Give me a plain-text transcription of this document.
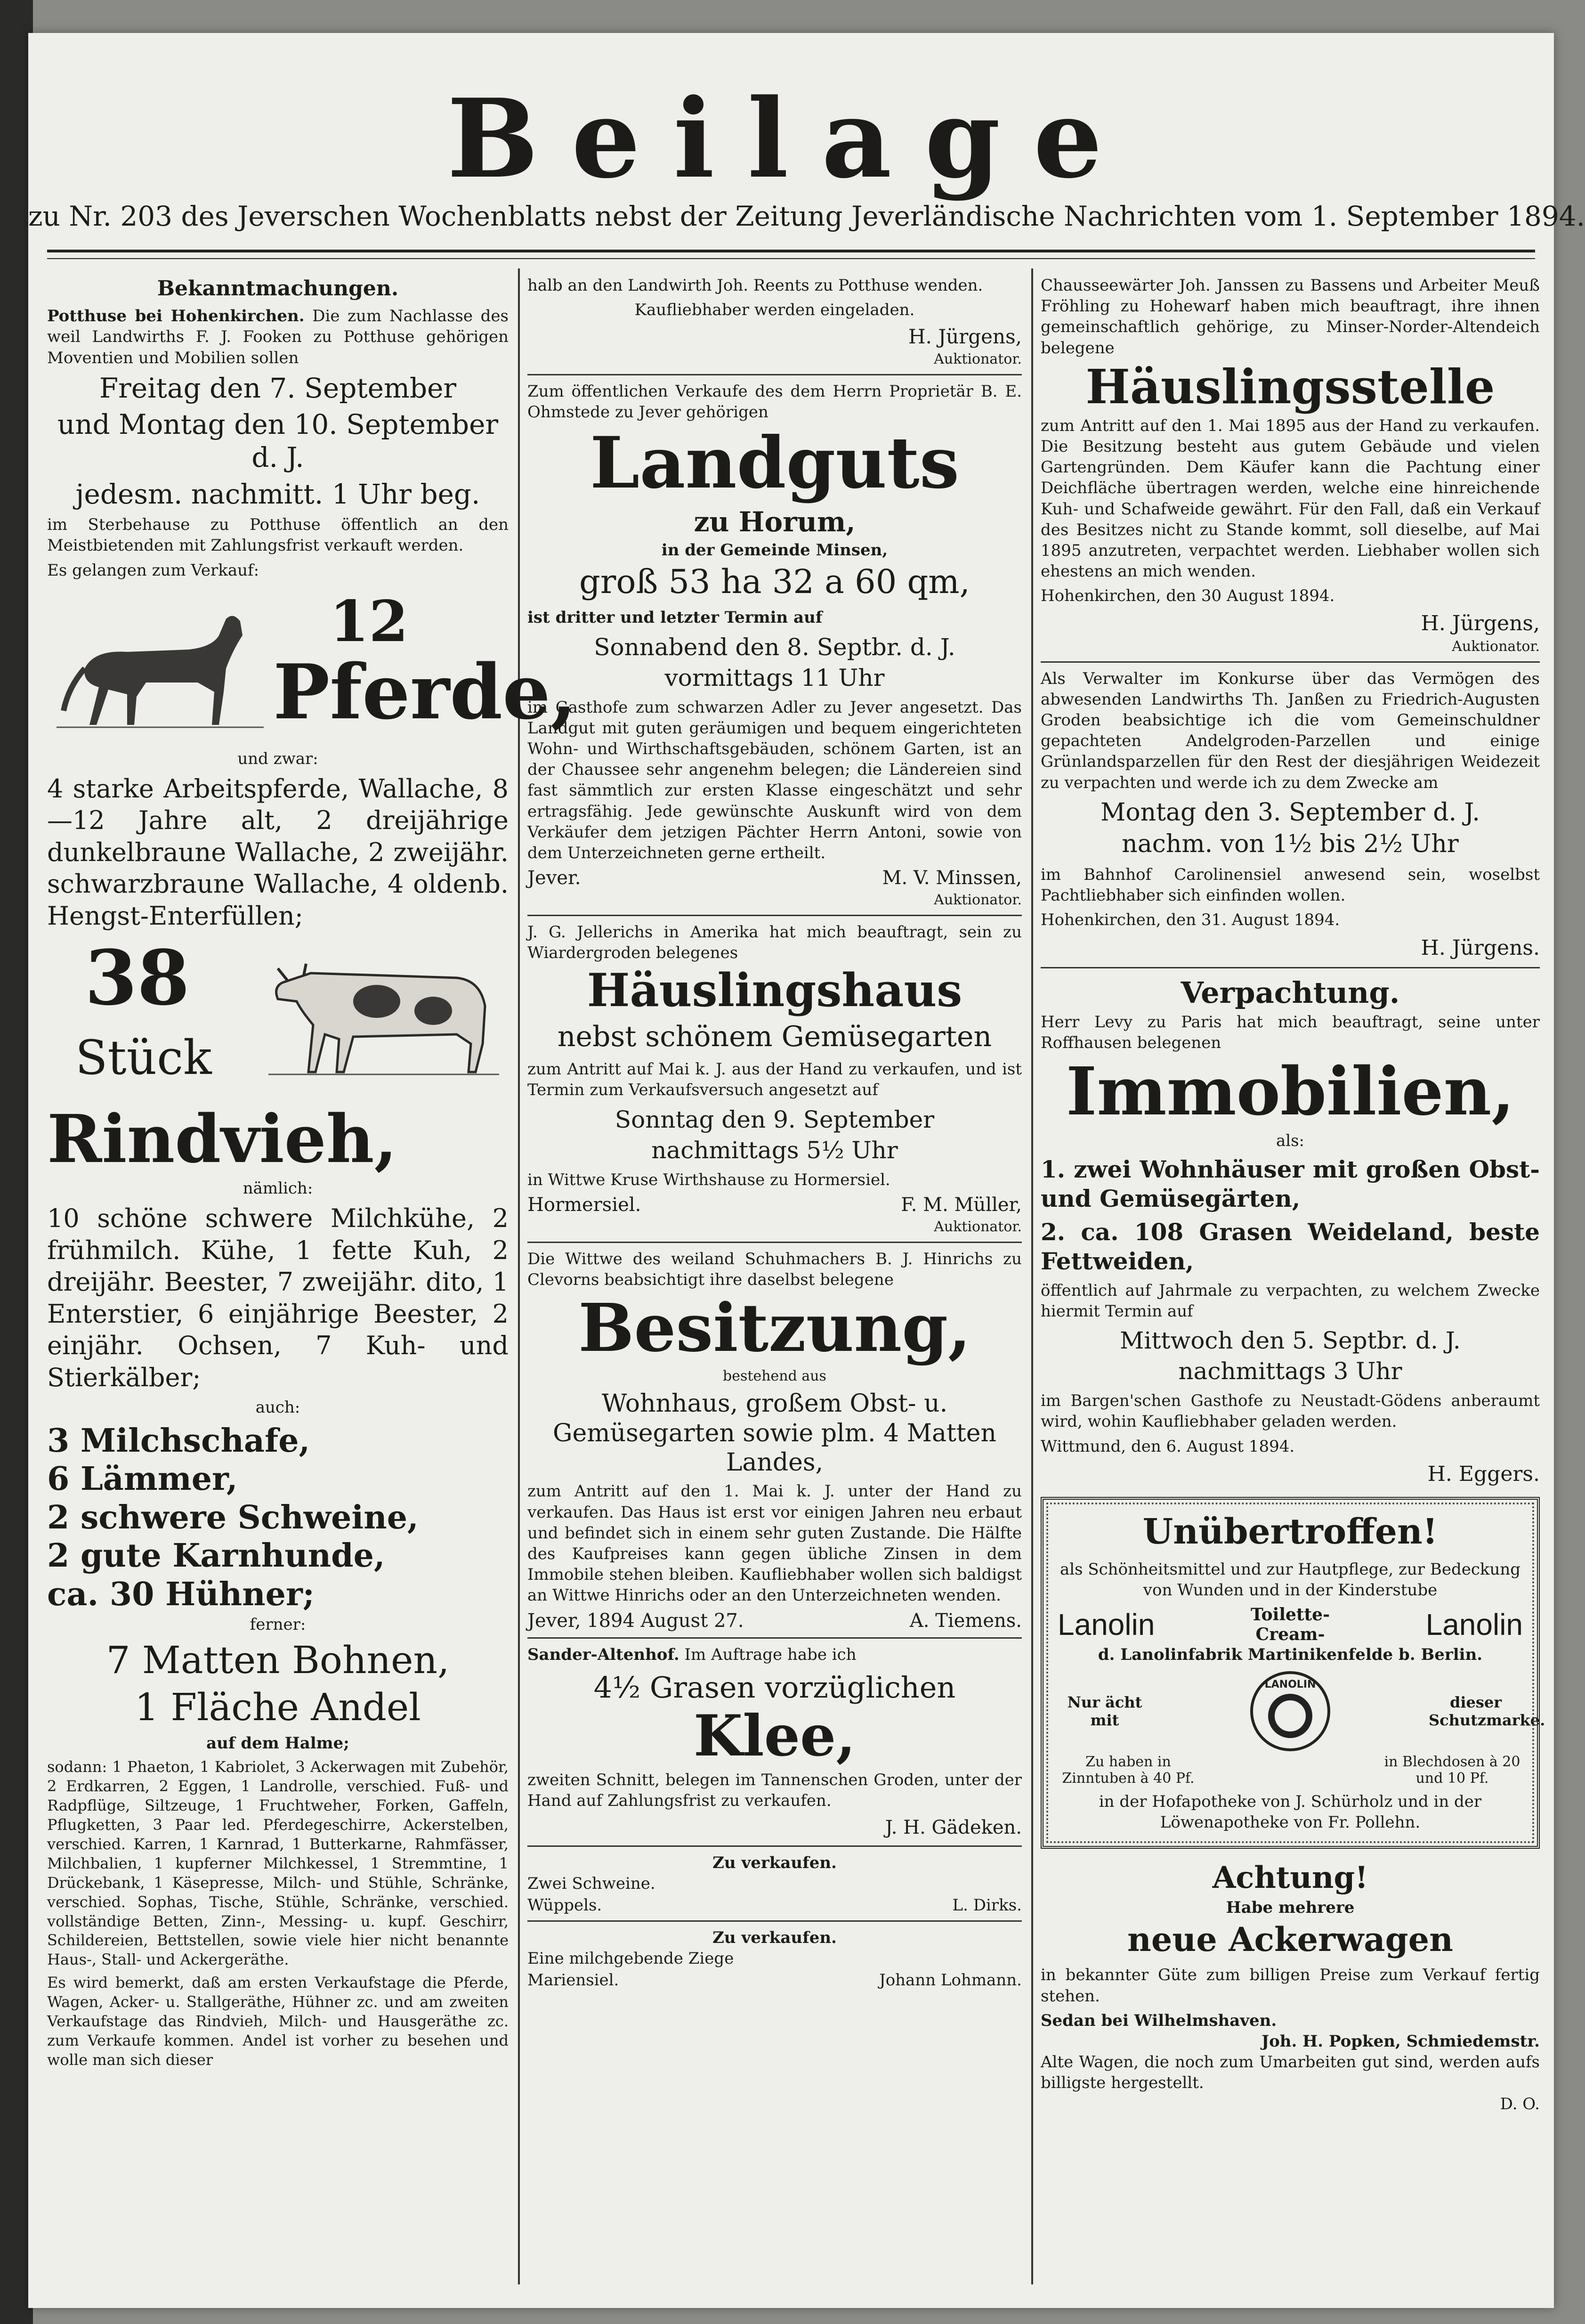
Beilage
zu Nr. 203 des Jeverschen Wochenblatts nebst der Zeitung Jeverländische Nachrichten vom 1. September 1894.

Bekanntmachungen.

Potthuse bei Hohenkirchen. Die zum Nachlasse des weil Landwirths F. J. Fooken zu Potthuse gehörigen Moventien und Mobilien sollen

Freitag den 7. September

und Montag den 10. September d. J.

jedesm. nachmitt. 1 Uhr beg.

im Sterbehause zu Potthuse öffentlich an den Meistbietenden mit Zahlungsfrist verkauft werden.

Es gelangen zum Verkauf:

12
Pferde,

und zwar:

4 starke Arbeitspferde, Wallache, 8—12 Jahre alt, 2 dreijährige dunkelbraune Wallache, 2 zweijähr. schwarzbraune Wallache, 4 oldenb. Hengst-Enterfüllen;

38
Stück

Rindvieh,

nämlich:

10 schöne schwere Milchkühe, 2 frühmilch. Kühe, 1 fette Kuh, 2 dreijähr. Beester, 7 zweijähr. dito, 1 Enterstier, 6 einjährige Beester, 2 einjähr. Ochsen, 7 Kuh- und Stierkälber;

auch:

3 Milchschafe,

6 Lämmer,

2 schwere Schweine,

2 gute Karnhunde,

ca. 30 Hühner;

ferner:

7 Matten Bohnen,

1 Fläche Andel

auf dem Halme;

sodann: 1 Phaeton, 1 Kabriolet, 3 Ackerwagen mit Zubehör, 2 Erdkarren, 2 Eggen, 1 Landrolle, verschied. Fuß- und Radpflüge, Siltzeuge, 1 Fruchtweher, Forken, Gaffeln, Pflugketten, 3 Paar led. Pferdegeschirre, Ackerstelben, verschied. Karren, 1 Karnrad, 1 Butterkarne, Rahmfässer, Milchbalien, 1 kupferner Milchkessel, 1 Stremmtine, 1 Drückebank, 1 Käsepresse, Milch- und Stühle, Schränke, verschied. Sophas, Tische, Stühle, Schränke, verschied. vollständige Betten, Zinn-, Messing- u. kupf. Geschirr, Schildereien, Bettstellen, sowie viele hier nicht benannte Haus-, Stall- und Ackergeräthe.

Es wird bemerkt, daß am ersten Verkaufstage die Pferde, Wagen, Acker- u. Stallgeräthe, Hühner zc. und am zweiten Verkaufstage das Rindvieh, Milch- und Hausgeräthe zc. zum Verkaufe kommen. Andel ist vorher zu besehen und wolle man sich dieser

halb an den Landwirth Joh. Reents zu Potthuse wenden.

Kaufliebhaber werden eingeladen.

H. Jürgens,

Auktionator.

Zum öffentlichen Verkaufe des dem Herrn Proprietär B. E. Ohmstede zu Jever gehörigen

Landguts

zu Horum,

in der Gemeinde Minsen,

groß 53 ha 32 a 60 qm,

ist dritter und letzter Termin auf

Sonnabend den 8. Septbr. d. J.

vormittags 11 Uhr

im Gasthofe zum schwarzen Adler zu Jever angesetzt. Das Landgut mit guten geräumigen und bequem eingerichteten Wohn- und Wirthschaftsgebäuden, schönem Garten, ist an der Chaussee sehr angenehm belegen; die Ländereien sind fast sämmtlich zur ersten Klasse eingeschätzt und sehr ertragsfähig. Jede gewünschte Auskunft wird von dem Verkäufer dem jetzigen Pächter Herrn Antoni, sowie von dem Unterzeichneten gerne ertheilt.

Jever.	M. V. Minssen,

Auktionator.

J. G. Jellerichs in Amerika hat mich beauftragt, sein zu Wiardergroden belegenes

Häuslingshaus

nebst schönem Gemüsegarten

zum Antritt auf Mai k. J. aus der Hand zu verkaufen, und ist Termin zum Verkaufsversuch angesetzt auf

Sonntag den 9. September

nachmittags 5½ Uhr

in Wittwe Kruse Wirthshause zu Hormersiel.

Hormersiel.	F. M. Müller,

Auktionator.

Die Wittwe des weiland Schuhmachers B. J. Hinrichs zu Clevorns beabsichtigt ihre daselbst belegene

Besitzung,

bestehend aus

Wohnhaus, großem Obst- u. Gemüsegarten sowie plm. 4 Matten Landes,

zum Antritt auf den 1. Mai k. J. unter der Hand zu verkaufen. Das Haus ist erst vor einigen Jahren neu erbaut und befindet sich in einem sehr guten Zustande. Die Hälfte des Kaufpreises kann gegen übliche Zinsen in dem Immobile stehen bleiben. Kaufliebhaber wollen sich baldigst an Wittwe Hinrichs oder an den Unterzeichneten wenden.

Jever, 1894 August 27.	A. Tiemens.

Sander-Altenhof. Im Auftrage habe ich

4½ Grasen vorzüglichen

Klee,

zweiten Schnitt, belegen im Tannenschen Groden, unter der Hand auf Zahlungsfrist zu verkaufen.

J. H. Gädeken.

Zu verkaufen.

Zwei Schweine.

Wüppels.	L. Dirks.

Zu verkaufen.

Eine milchgebende Ziege

Mariensiel.	Johann Lohmann.

Chausseewärter Joh. Janssen zu Bassens und Arbeiter Meuß Fröhling zu Hohewarf haben mich beauftragt, ihre ihnen gemeinschaftlich gehörige, zu Minser-Norder-Altendeich belegene

Häuslingsstelle

zum Antritt auf den 1. Mai 1895 aus der Hand zu verkaufen. Die Besitzung besteht aus gutem Gebäude und vielen Gartengründen. Dem Käufer kann die Pachtung einer Deichfläche übertragen werden, welche eine hinreichende Kuh- und Schafweide gewährt. Für den Fall, daß ein Verkauf des Besitzes nicht zu Stande kommt, soll dieselbe, auf Mai 1895 anzutreten, verpachtet werden. Liebhaber wollen sich ehestens an mich wenden.

Hohenkirchen, den 30 August 1894.

H. Jürgens,

Auktionator.

Als Verwalter im Konkurse über das Vermögen des abwesenden Landwirths Th. Janßen zu Friedrich-Augusten Groden beabsichtige ich die vom Gemeinschuldner gepachteten Andelgroden-Parzellen und einige Grünlandsparzellen für den Rest der diesjährigen Weidezeit zu verpachten und werde ich zu dem Zwecke am

Montag den 3. September d. J.

nachm. von 1½ bis 2½ Uhr

im Bahnhof Carolinensiel anwesend sein, woselbst Pachtliebhaber sich einfinden wollen.

Hohenkirchen, den 31. August 1894.

H. Jürgens.

Verpachtung.

Herr Levy zu Paris hat mich beauftragt, seine unter Roffhausen belegenen

Immobilien,

als:

1. zwei Wohnhäuser mit großen Obst- und Gemüsegärten,

2. ca. 108 Grasen Weideland, beste Fettweiden,

öffentlich auf Jahrmale zu verpachten, zu welchem Zwecke hiermit Termin auf

Mittwoch den 5. Septbr. d. J.

nachmittags 3 Uhr

im Bargen'schen Gasthofe zu Neustadt-Gödens anberaumt wird, wohin Kaufliebhaber geladen werden.

Wittmund, den 6. August 1894.

H. Eggers.

Unübertroffen!

als Schönheitsmittel und zur Hautpflege, zur Bedeckung von Wunden und in der Kinderstube

Lanolin	Toilette-Cream-	Lanolin

d. Lanolinfabrik Martinikenfelde b. Berlin.

Nur ächt mit
LANOLIN
dieser Schutzmarke.
Zu haben in Zinntuben à 40 Pf.
in Blechdosen à 20 und 10 Pf.

in der Hofapotheke von J. Schürholz und in der Löwenapotheke von Fr. Pollehn.

Achtung!

Habe mehrere

neue Ackerwagen

in bekannter Güte zum billigen Preise zum Verkauf fertig stehen.

Sedan bei Wilhelmshaven.

Joh. H. Popken, Schmiedemstr.

Alte Wagen, die noch zum Umarbeiten gut sind, werden aufs billigste hergestellt.

D. O.
